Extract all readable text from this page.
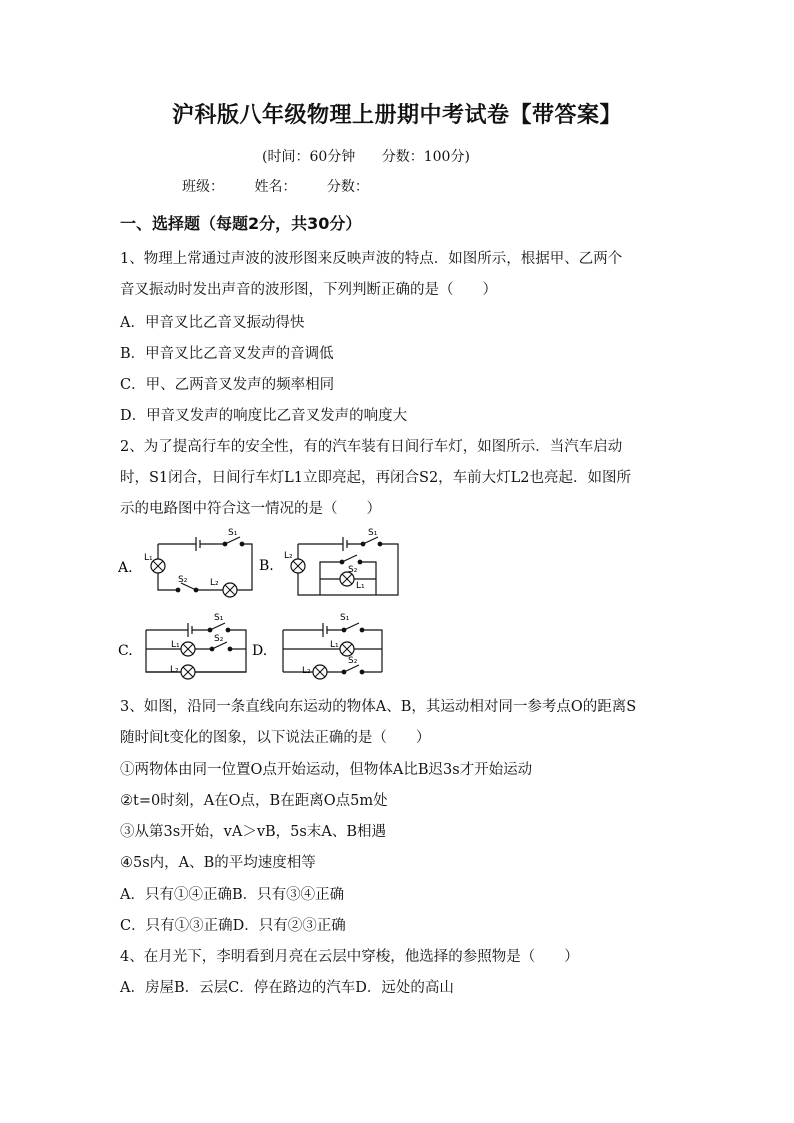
沪科版八年级物理上册期中考试卷【带答案】
(时间：60分钟 分数：100分)
班级： 姓名： 分数：
一、选择题（每题2分，共30分）
1、物理上常通过声波的波形图来反映声波的特点．如图所示，根据甲、乙两个
音叉振动时发出声音的波形图，下列判断正确的是（　　）
A．甲音叉比乙音叉振动得快
B．甲音叉比乙音叉发声的音调低
C．甲、乙两音叉发声的频率相同
D．甲音叉发声的响度比乙音叉发声的响度大
2、为了提高行车的安全性，有的汽车装有日间行车灯，如图所示．当汽车启动
时，S1闭合，日间行车灯L1立即亮起，再闭合S2，车前大灯L2也亮起．如图所
示的电路图中符合这一情况的是（　　）
A.	B.
C.	D.
L₁
S₁
S₂	L₂
L₂
S₁
S₂
L₁
S₁
L₁
S₂
L₂
S₁
L₁
L₂
S₂
3、如图，沿同一条直线向东运动的物体A、B，其运动相对同一参考点O的距离S
随时间t变化的图象，以下说法正确的是（　　）
①两物体由同一位置O点开始运动，但物体A比B迟3s才开始运动
②t=0时刻，A在O点，B在距离O点5m处
③从第3s开始，vA＞vB，5s末A、B相遇
④5s内，A、B的平均速度相等
A．只有①④正确B．只有③④正确
C．只有①③正确D．只有②③正确
4、在月光下，李明看到月亮在云层中穿梭，他选择的参照物是（　　）
A．房屋B．云层C．停在路边的汽车D．远处的高山
